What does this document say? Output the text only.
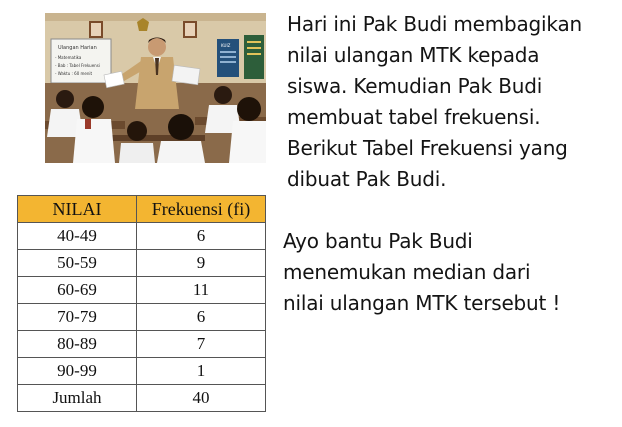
Ulangan Harian
- Matematika
- Bab : Tabel Frekuensi
- Waktu : 60 menit
KUIZ

Hari ini Pak Budi membagikan
nilai ulangan MTK kepada
siswa. Kemudian Pak Budi
membuat tabel frekuensi.
Berikut Tabel Frekuensi yang
dibuat Pak Budi.

Ayo bantu Pak Budi
menemukan median dari
nilai ulangan MTK tersebut !

NILAI	Frekuensi (fi)
40-49	6
50-59	9
60-69	11
70-79	6
80-89	7
90-99	1
Jumlah	40
